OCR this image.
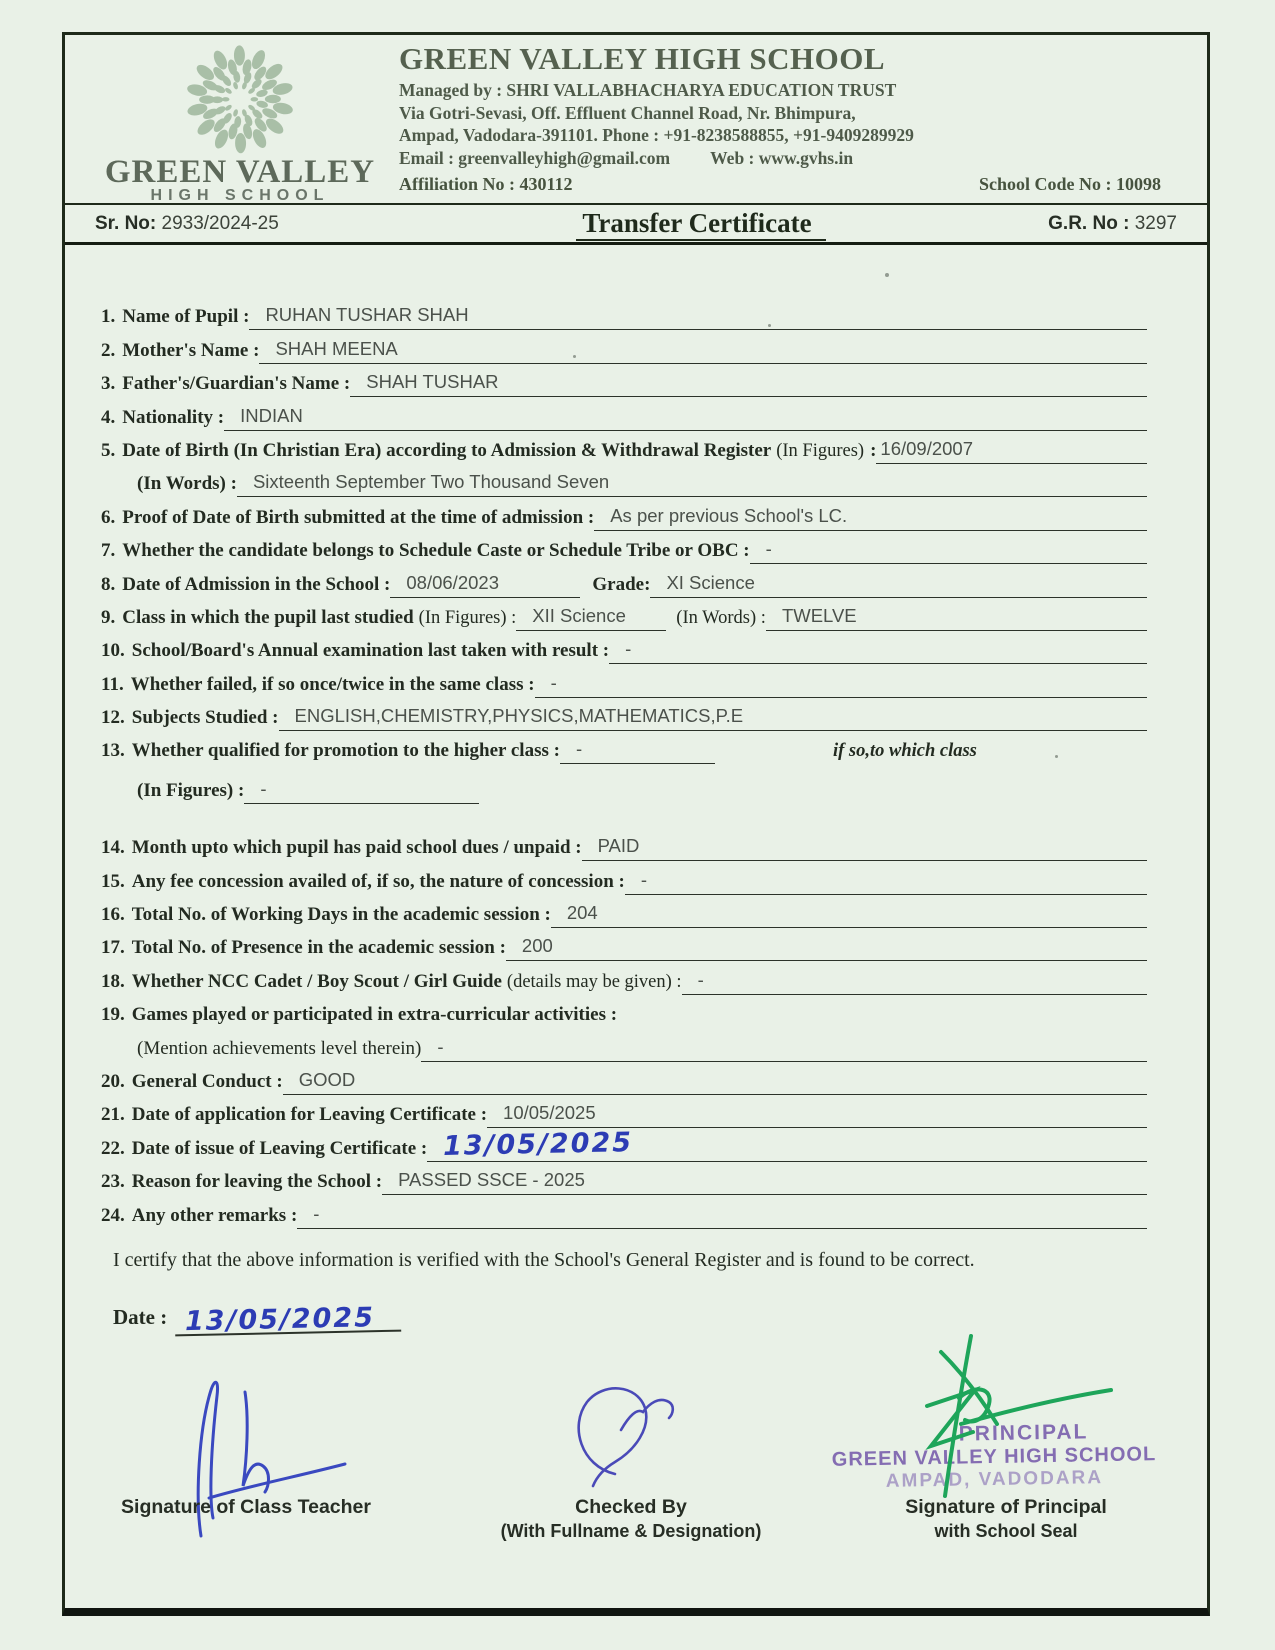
GREEN VALLEY
HIGH SCHOOL
GREEN VALLEY HIGH SCHOOL
Managed by : SHRI VALLABHACHARYA EDUCATION TRUST
Via Gotri-Sevasi, Off. Effluent Channel Road, Nr. Bhimpura,
Ampad, Vadodara-391101. Phone : +91-8238588855, +91-9409289929
Email : greenvalleyhigh@gmail.com Web : www.gvhs.in
Affiliation No : 430112	School Code No : 10098
Sr. No: 2933/2024-25	Transfer Certificate	G.R. No : 3297
1. Name of Pupil : RUHAN TUSHAR SHAH
2. Mother's Name : SHAH MEENA
3. Father's/Guardian's Name : SHAH TUSHAR
4. Nationality : INDIAN
5. Date of Birth (In Christian Era) according to Admission & Withdrawal Register (In Figures) : 16/09/2007
(In Words) : Sixteenth September Two Thousand Seven
6. Proof of Date of Birth submitted at the time of admission : As per previous School's LC.
7. Whether the candidate belongs to Schedule Caste or Schedule Tribe or OBC : -
8. Date of Admission in the School : 08/06/2023	Grade: XI Science
9. Class in which the pupil last studied (In Figures) : XII Science	(In Words) : TWELVE
10. School/Board's Annual examination last taken with result : -
11. Whether failed, if so once/twice in the same class : -
12. Subjects Studied : ENGLISH,CHEMISTRY,PHYSICS,MATHEMATICS,P.E
13. Whether qualified for promotion to the higher class : -	if so,to which class
(In Figures) : -
14. Month upto which pupil has paid school dues / unpaid : PAID
15. Any fee concession availed of, if so, the nature of concession : -
16. Total No. of Working Days in the academic session : 204
17. Total No. of Presence in the academic session : 200
18. Whether NCC Cadet / Boy Scout / Girl Guide (details may be given) : -
19. Games played or participated in extra-curricular activities :
(Mention achievements level therein) -
20. General Conduct : GOOD
21. Date of application for Leaving Certificate : 10/05/2025
22. Date of issue of Leaving Certificate : 13/05/2025
23. Reason for leaving the School : PASSED SSCE - 2025
24. Any other remarks : -

I certify that the above information is verified with the School's General Register and is found to be correct.

Date : 13/05/2025
PRINCIPAL
GREEN VALLEY HIGH SCHOOL
AMPAD, VADODARA
Signature of Class Teacher	Checked By
(With Fullname & Designation)
Signature of Principal
with School Seal
